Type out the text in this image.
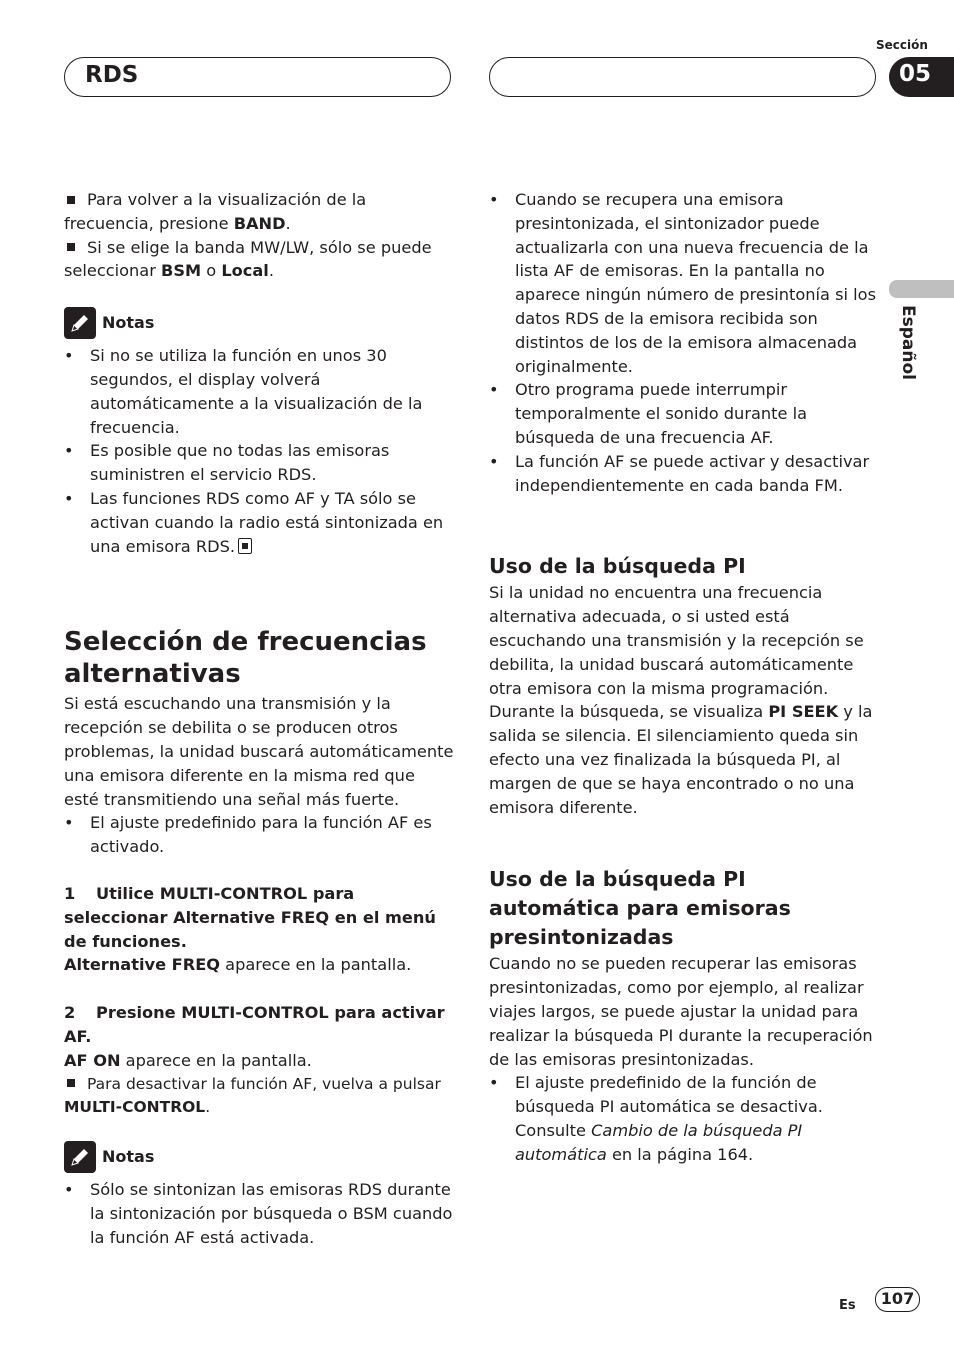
RDS
Sección
05
Español

Para volver a la visualización de la frecuencia, presione BAND.

Si se elige la banda MW/LW, sólo se puede seleccionar BSM o Local.

Notas

• Si no se utiliza la función en unos 30 segundos, el display volverá automáticamente a la visualización de la frecuencia.

• Es posible que no todas las emisoras suministren el servicio RDS.

• Las funciones RDS como AF y TA sólo se activan cuando la radio está sintonizada en una emisora RDS.

Selección de frecuencias alternativas

Si está escuchando una transmisión y la recepción se debilita o se producen otros problemas, la unidad buscará automáticamente una emisora diferente en la misma red que esté transmitiendo una señal más fuerte.

• El ajuste predefinido para la función AF es activado.

1 Utilice MULTI-CONTROL para seleccionar Alternative FREQ en el menú de funciones.

Alternative FREQ aparece en la pantalla.

2 Presione MULTI-CONTROL para activar AF.

AF ON aparece en la pantalla.

Para desactivar la función AF, vuelva a pulsar MULTI-CONTROL.

Notas

• Sólo se sintonizan las emisoras RDS durante la sintonización por búsqueda o BSM cuando la función AF está activada.

• Cuando se recupera una emisora presintonizada, el sintonizador puede actualizarla con una nueva frecuencia de la lista AF de emisoras. En la pantalla no aparece ningún número de presintonía si los datos RDS de la emisora recibida son distintos de los de la emisora almacenada originalmente.

• Otro programa puede interrumpir temporalmente el sonido durante la búsqueda de una frecuencia AF.

• La función AF se puede activar y desactivar independientemente en cada banda FM.

Uso de la búsqueda PI

Si la unidad no encuentra una frecuencia alternativa adecuada, o si usted está escuchando una transmisión y la recepción se debilita, la unidad buscará automáticamente otra emisora con la misma programación. Durante la búsqueda, se visualiza PI SEEK y la salida se silencia. El silenciamiento queda sin efecto una vez finalizada la búsqueda PI, al margen de que se haya encontrado o no una emisora diferente.

Uso de la búsqueda PI automática para emisoras presintonizadas

Cuando no se pueden recuperar las emisoras presintonizadas, como por ejemplo, al realizar viajes largos, se puede ajustar la unidad para realizar la búsqueda PI durante la recuperación de las emisoras presintonizadas.

• El ajuste predefinido de la función de búsqueda PI automática se desactiva. Consulte Cambio de la búsqueda PI automática en la página 164.

Es	107
